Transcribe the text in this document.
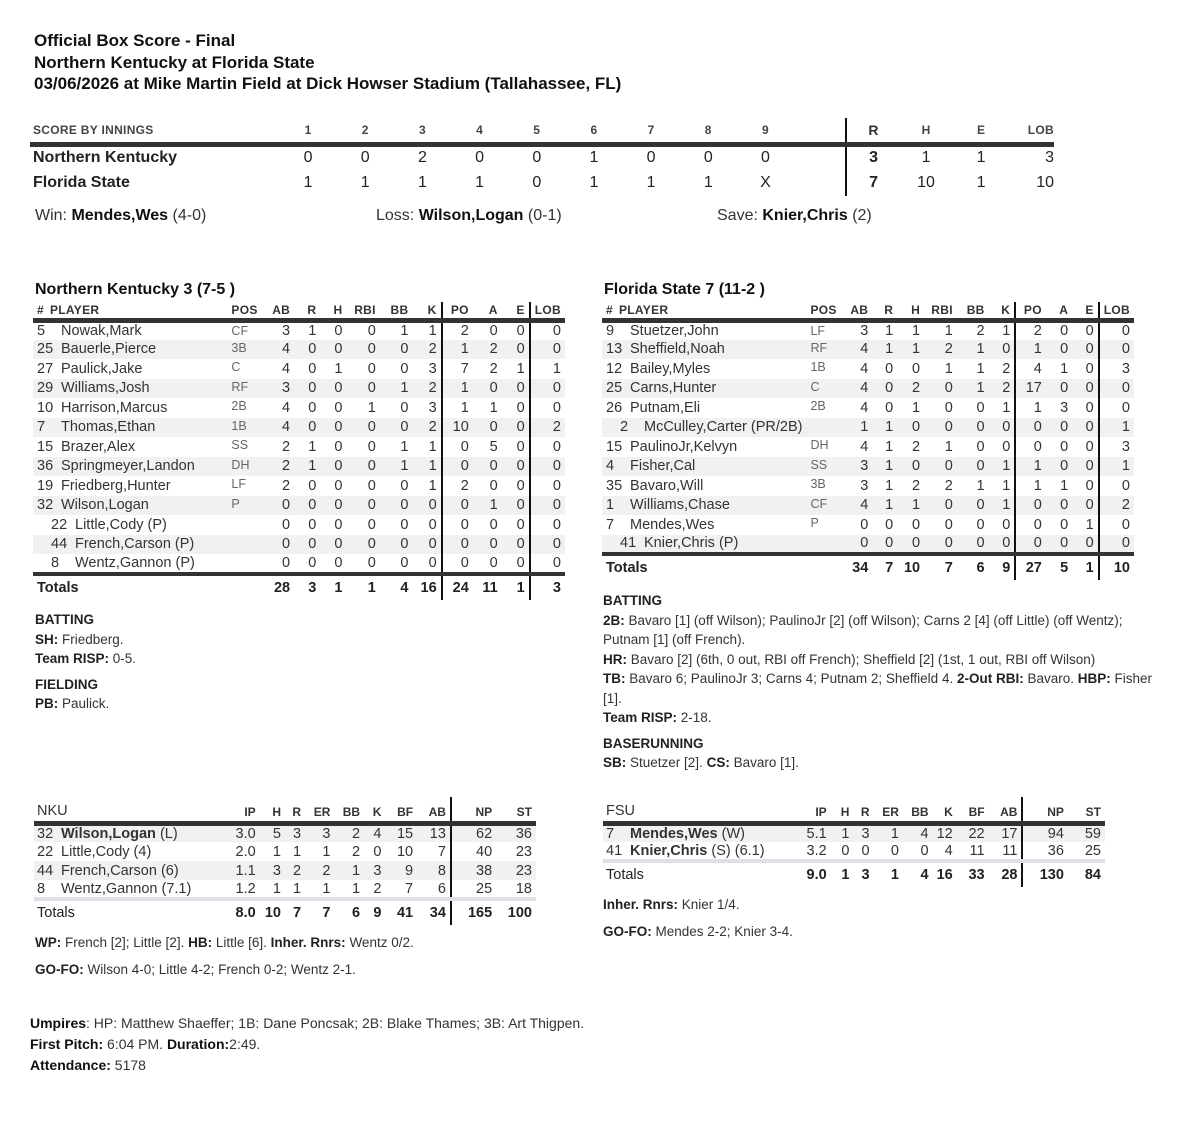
Official Box Score - Final
Northern Kentucky at Florida State
03/06/2026 at Mike Martin Field at Dick Howser Stadium (Tallahassee, FL)
SCORE BY INNINGS	1	2	3	4	5	6	7	8	9		R	H	E	LOB
Northern Kentucky	0	0	2	0	0	1	0	0	0		3	1	1	3
Florida State	1	1	1	1	0	1	1	1	X		7	10	1	10
Win: Mendes,Wes (4-0)	Loss: Wilson,Logan (0-1)	Save: Knier,Chris (2)
Northern Kentucky 3 (7-5 )
# PLAYER	POS	AB	R	H	RBI	BB	K	PO	A	E	LOB
5 Nowak,Mark	CF	3	1	0	0	1	1	2	0	0	0
25 Bauerle,Pierce	3B	4	0	0	0	0	2	1	2	0	0
27 Paulick,Jake	C	4	0	1	0	0	3	7	2	1	1
29 Williams,Josh	RF	3	0	0	0	1	2	1	0	0	0
10 Harrison,Marcus	2B	4	0	0	1	0	3	1	1	0	0
7 Thomas,Ethan	1B	4	0	0	0	0	2	10	0	0	2
15 Brazer,Alex	SS	2	1	0	0	1	1	0	5	0	0
36 Springmeyer,Landon	DH	2	1	0	0	1	1	0	0	0	0
19 Friedberg,Hunter	LF	2	0	0	0	0	1	2	0	0	0
32 Wilson,Logan	P	0	0	0	0	0	0	0	1	0	0
22 Little,Cody (P)		0	0	0	0	0	0	0	0	0	0
44 French,Carson (P)		0	0	0	0	0	0	0	0	0	0
8 Wentz,Gannon (P)		0	0	0	0	0	0	0	0	0	0
Totals		28	3	1	1	4	16	24	11	1	3
Florida State 7 (11-2 )
# PLAYER	POS	AB	R	H	RBI	BB	K	PO	A	E	LOB
9 Stuetzer,John	LF	3	1	1	1	2	1	2	0	0	0
13 Sheffield,Noah	RF	4	1	1	2	1	0	1	0	0	0
12 Bailey,Myles	1B	4	0	0	1	1	2	4	1	0	3
25 Carns,Hunter	C	4	0	2	0	1	2	17	0	0	0
26 Putnam,Eli	2B	4	0	1	0	0	1	1	3	0	0
2 McCulley,Carter (PR/2B)		1	1	0	0	0	0	0	0	0	1
15 PaulinoJr,Kelvyn	DH	4	1	2	1	0	0	0	0	0	3
4 Fisher,Cal	SS	3	1	0	0	0	1	1	0	0	1
35 Bavaro,Will	3B	3	1	2	2	1	1	1	1	0	0
1 Williams,Chase	CF	4	1	1	0	0	1	0	0	0	2
7 Mendes,Wes	P	0	0	0	0	0	0	0	0	1	0
41 Knier,Chris (P)		0	0	0	0	0	0	0	0	0	0
Totals		34	7	10	7	6	9	27	5	1	10
BATTING
SH: Friedberg.
Team RISP: 0-5.
FIELDING
PB: Paulick.
BATTING
2B: Bavaro [1] (off Wilson); PaulinoJr [2] (off Wilson); Carns 2 [4] (off Little) (off Wentz); Putnam [1] (off French).
HR: Bavaro [2] (6th, 0 out, RBI off French); Sheffield [2] (1st, 1 out, RBI off Wilson)
TB: Bavaro 6; PaulinoJr 3; Carns 4; Putnam 2; Sheffield 4. 2-Out RBI: Bavaro. HBP: Fisher [1].
Team RISP: 2-18.
BASERUNNING
SB: Stuetzer [2]. CS: Bavaro [1].
NKU	IP	H	R	ER	BB	K	BF	AB	NP	ST
32 Wilson,Logan (L)	3.0	5	3	3	2	4	15	13	62	36
22 Little,Cody (4)	2.0	1	1	1	2	0	10	7	40	23
44 French,Carson (6)	1.1	3	2	2	1	3	9	8	38	23
8 Wentz,Gannon (7.1)	1.2	1	1	1	1	2	7	6	25	18
Totals	8.0	10	7	7	6	9	41	34	165	100
WP: French [2]; Little [2]. HB: Little [6]. Inher. Rnrs: Wentz 0/2.
GO-FO: Wilson 4-0; Little 4-2; French 0-2; Wentz 2-1.
FSU	IP	H	R	ER	BB	K	BF	AB	NP	ST
7 Mendes,Wes (W)	5.1	1	3	1	4	12	22	17	94	59
41 Knier,Chris (S) (6.1)	3.2	0	0	0	0	4	11	11	36	25
Totals	9.0	1	3	1	4	16	33	28	130	84
Inher. Rnrs: Knier 1/4.
GO-FO: Mendes 2-2; Knier 3-4.
Umpires: HP: Matthew Shaeffer; 1B: Dane Poncsak; 2B: Blake Thames; 3B: Art Thigpen.
First Pitch: 6:04 PM. Duration:2:49.
Attendance: 5178
